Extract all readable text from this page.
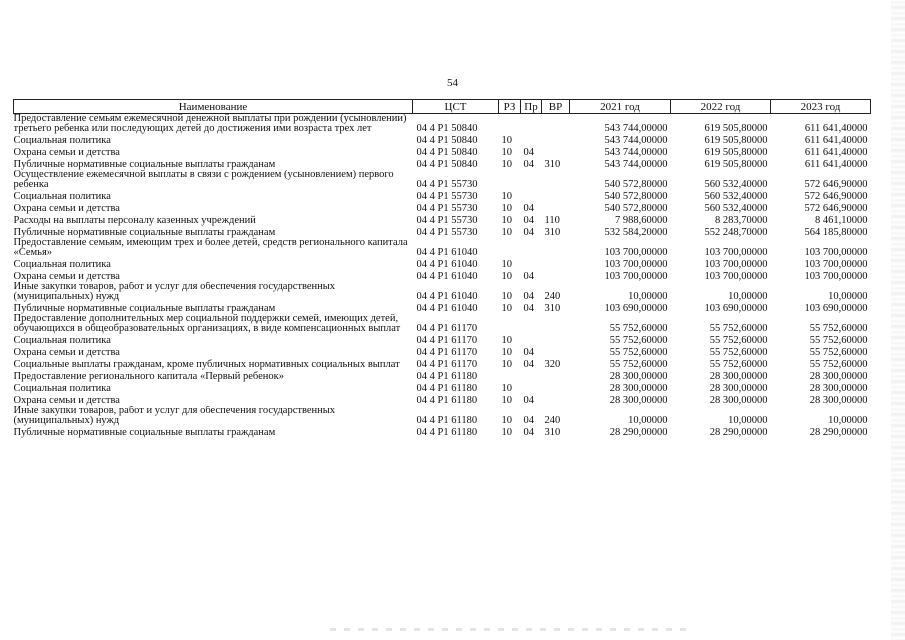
54
Наименование	ЦСТ	РЗ	Пр	ВР	2021 год	2022 год	2023 год
Предоставление семьям ежемесячной денежной выплаты при рождении (усыновлении) третьего ребенка или последующих детей до достижения ими возраста трех лет	04 4 P1 50840				543 744,00000	619 505,80000	611 641,40000
Социальная политика	04 4 P1 50840	10			543 744,00000	619 505,80000	611 641,40000
Охрана семьи и детства	04 4 P1 50840	10	04		543 744,00000	619 505,80000	611 641,40000
Публичные нормативные социальные выплаты гражданам	04 4 P1 50840	10	04	310	543 744,00000	619 505,80000	611 641,40000
Осуществление ежемесячной выплаты в связи с рождением (усыновлением) первого ребенка	04 4 P1 55730				540 572,80000	560 532,40000	572 646,90000
Социальная политика	04 4 P1 55730	10			540 572,80000	560 532,40000	572 646,90000
Охрана семьи и детства	04 4 P1 55730	10	04		540 572,80000	560 532,40000	572 646,90000
Расходы на выплаты персоналу казенных учреждений	04 4 P1 55730	10	04	110	7 988,60000	8 283,70000	8 461,10000
Публичные нормативные социальные выплаты гражданам	04 4 P1 55730	10	04	310	532 584,20000	552 248,70000	564 185,80000
Предоставление семьям, имеющим трех и более детей, средств регионального капитала «Семья»	04 4 P1 61040				103 700,00000	103 700,00000	103 700,00000
Социальная политика	04 4 P1 61040	10			103 700,00000	103 700,00000	103 700,00000
Охрана семьи и детства	04 4 P1 61040	10	04		103 700,00000	103 700,00000	103 700,00000
Иные закупки товаров, работ и услуг для обеспечения государственных (муниципальных) нужд	04 4 P1 61040	10	04	240	10,00000	10,00000	10,00000
Публичные нормативные социальные выплаты гражданам	04 4 P1 61040	10	04	310	103 690,00000	103 690,00000	103 690,00000
Предоставление дополнительных мер социальной поддержки семей, имеющих детей, обучающихся в общеобразовательных организациях, в виде компенсационных выплат	04 4 P1 61170				55 752,60000	55 752,60000	55 752,60000
Социальная политика	04 4 P1 61170	10			55 752,60000	55 752,60000	55 752,60000
Охрана семьи и детства	04 4 P1 61170	10	04		55 752,60000	55 752,60000	55 752,60000
Социальные выплаты гражданам, кроме публичных нормативных социальных выплат	04 4 P1 61170	10	04	320	55 752,60000	55 752,60000	55 752,60000
Предоставление регионального капитала «Первый ребенок»	04 4 P1 61180				28 300,00000	28 300,00000	28 300,00000
Социальная политика	04 4 P1 61180	10			28 300,00000	28 300,00000	28 300,00000
Охрана семьи и детства	04 4 P1 61180	10	04		28 300,00000	28 300,00000	28 300,00000
Иные закупки товаров, работ и услуг для обеспечения государственных (муниципальных) нужд	04 4 P1 61180	10	04	240	10,00000	10,00000	10,00000
Публичные нормативные социальные выплаты гражданам	04 4 P1 61180	10	04	310	28 290,00000	28 290,00000	28 290,00000
